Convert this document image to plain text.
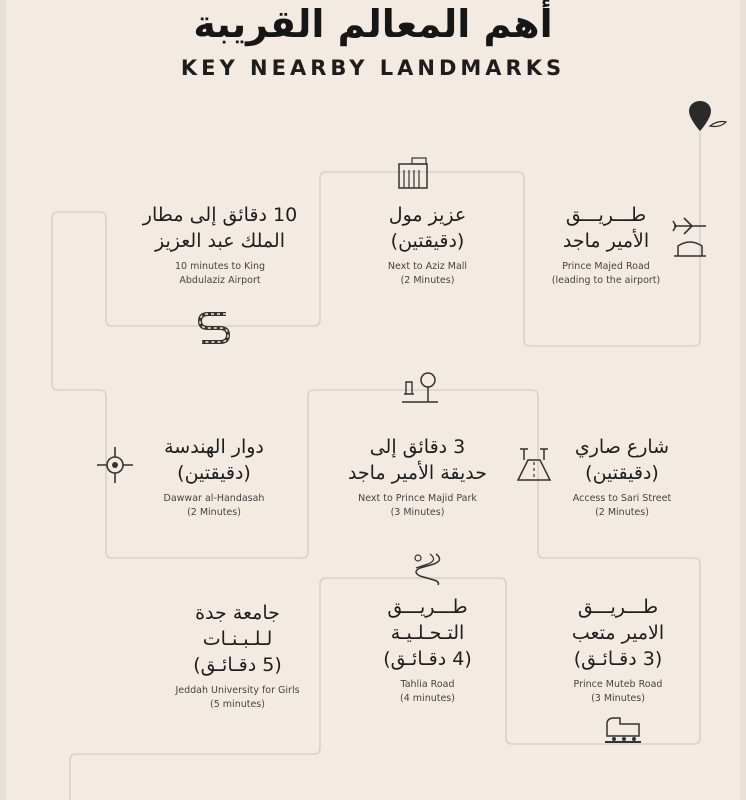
أهم المعالم القريبة
KEY NEARBY LANDMARKS
طـــريـــق
الأمير ماجد
Prince Majed Road
(leading to the airport)
عزيز مول
(دقيقتين)
Next to Aziz Mall
(2 Minutes)
10 دقائق إلى مطار
الملك عبد العزيز
10 minutes to King
Abdulaziz Airport
شارع صاري
(دقيقتين)
Access to Sari Street
(2 Minutes)
3 دقائق إلى
حديقة الأمير ماجد
Next to Prince Majid Park
(3 Minutes)
دوار الهندسة
(دقيقتين)
Dawwar al-Handasah
(2 Minutes)
طـــريـــق
الامير متعب
(3 دقـائـق)
Prince Muteb Road
(3 Minutes)
طـــريـــق
التـحـلـيـة
(4 دقـائـق)
Tahlia Road
(4 minutes)
جامعة جدة
لـلـبـنـات
(5 دقـائـق)
Jeddah University for Girls
(5 minutes)
